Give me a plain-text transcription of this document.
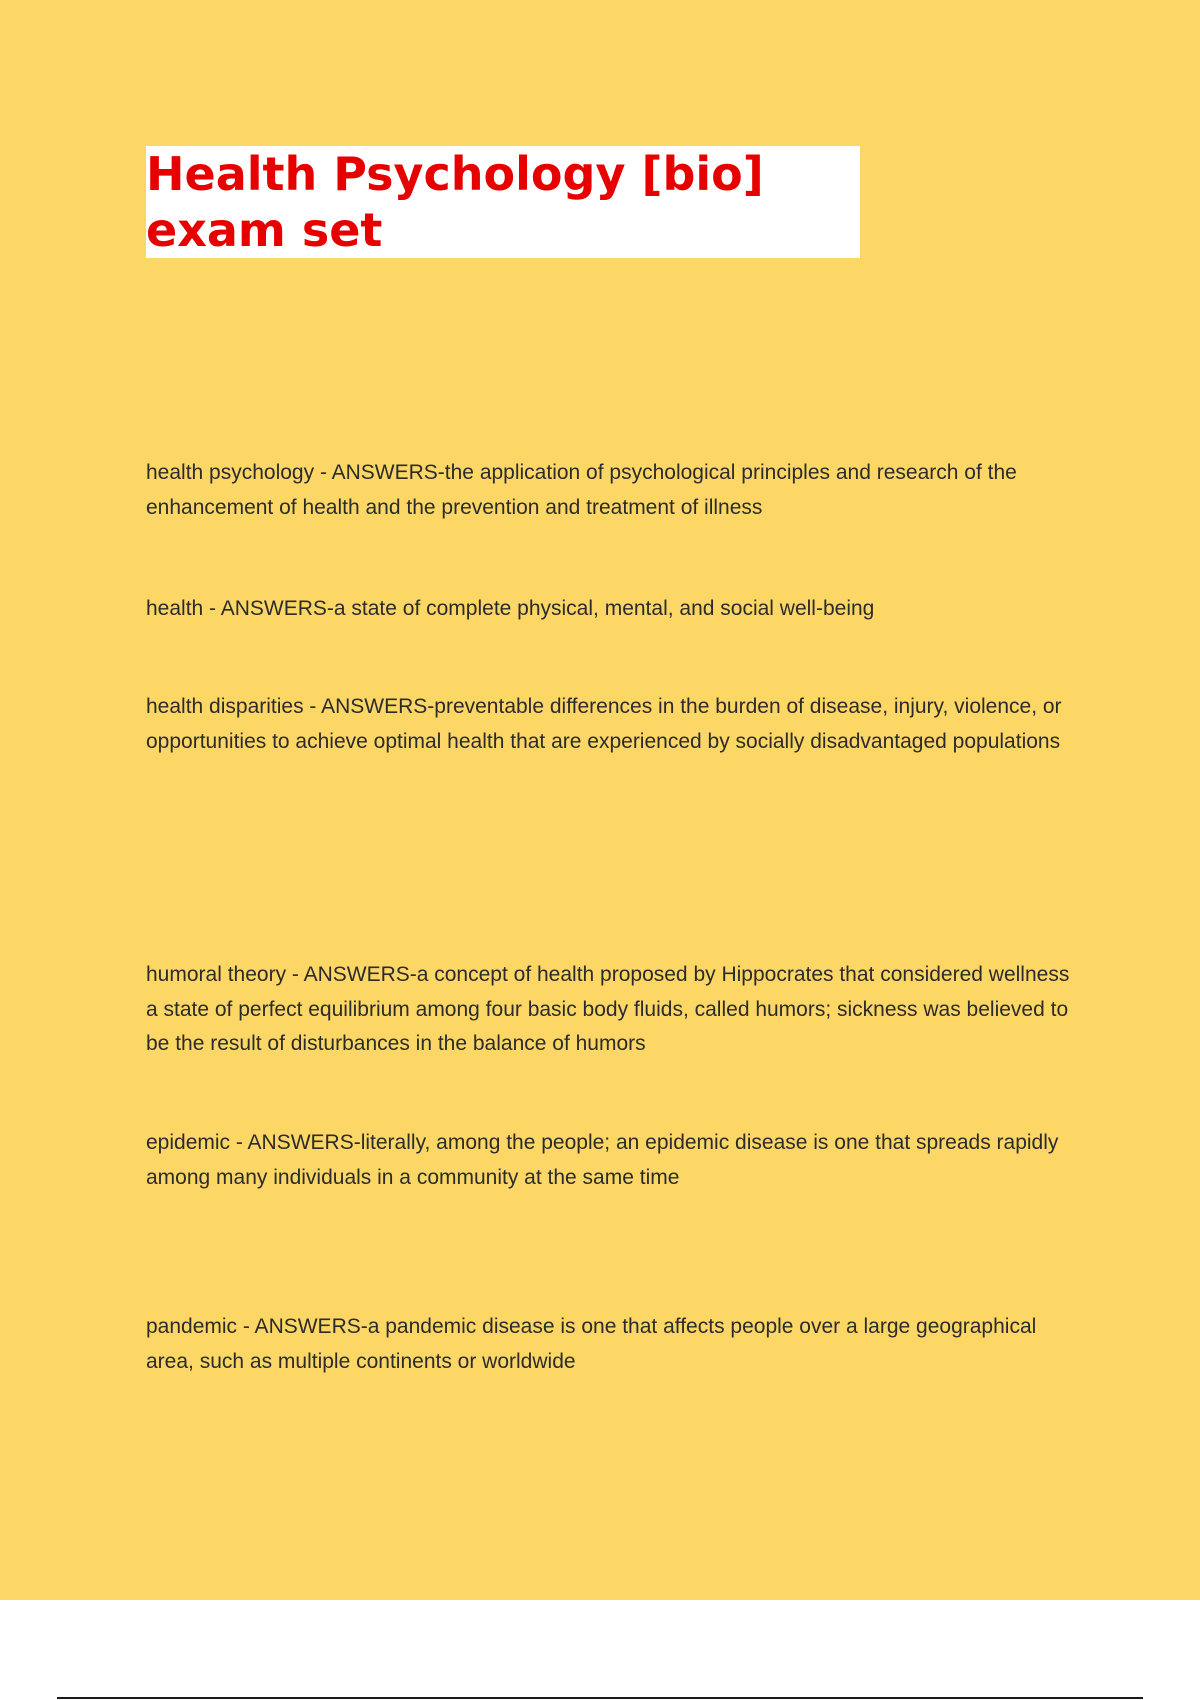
Health Psychology [bio] exam set

health psychology - ANSWERS-the application of psychological principles and research of the enhancement of health and the prevention and treatment of illness

health - ANSWERS-a state of complete physical, mental, and social well-being

health disparities - ANSWERS-preventable differences in the burden of disease, injury, violence, or opportunities to achieve optimal health that are experienced by socially disadvantaged populations

humoral theory - ANSWERS-a concept of health proposed by Hippocrates that considered wellness a state of perfect equilibrium among four basic body fluids, called humors; sickness was believed to be the result of disturbances in the balance of humors

epidemic - ANSWERS-literally, among the people; an epidemic disease is one that spreads rapidly among many individuals in a community at the same time

pandemic - ANSWERS-a pandemic disease is one that affects people over a large geographical area, such as multiple continents or worldwide
